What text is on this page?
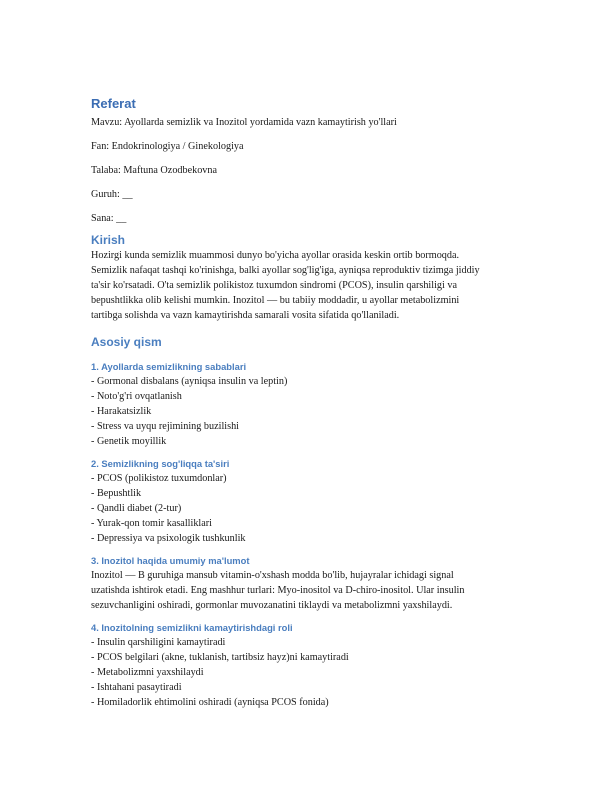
Referat

Mavzu: Ayollarda semizlik va Inozitol yordamida vazn kamaytirish yo'llari

Fan: Endokrinologiya / Ginekologiya

Talaba: Maftuna Ozodbekovna

Guruh: __

Sana: __

Kirish

Hozirgi kunda semizlik muammosi dunyo bo'yicha ayollar orasida keskin ortib bormoqda.

Semizlik nafaqat tashqi ko'rinishga, balki ayollar sog'lig'iga, ayniqsa reproduktiv tizimga jiddiy

ta'sir ko'rsatadi. O'ta semizlik polikistoz tuxumdon sindromi (PCOS), insulin qarshiligi va

bepushtlikka olib kelishi mumkin. Inozitol — bu tabiiy moddadir, u ayollar metabolizmini

tartibga solishda va vazn kamaytirishda samarali vosita sifatida qo'llaniladi.

Asosiy qism
1. Ayollarda semizlikning sabablari
- Gormonal disbalans (ayniqsa insulin va leptin)
- Noto'g'ri ovqatlanish
- Harakatsizlik
- Stress va uyqu rejimining buzilishi
- Genetik moyillik
2. Semizlikning sog'liqqa ta'siri
- PCOS (polikistoz tuxumdonlar)
- Bepushtlik
- Qandli diabet (2-tur)
- Yurak-qon tomir kasalliklari
- Depressiya va psixologik tushkunlik
3. Inozitol haqida umumiy ma'lumot

Inozitol — B guruhiga mansub vitamin-o'xshash modda bo'lib, hujayralar ichidagi signal

uzatishda ishtirok etadi. Eng mashhur turlari: Myo-inositol va D-chiro-inositol. Ular insulin

sezuvchanligini oshiradi, gormonlar muvozanatini tiklaydi va metabolizmni yaxshilaydi.

4. Inozitolning semizlikni kamaytirishdagi roli
- Insulin qarshiligini kamaytiradi
- PCOS belgilari (akne, tuklanish, tartibsiz hayz)ni kamaytiradi
- Metabolizmni yaxshilaydi
- Ishtahani pasaytiradi
- Homiladorlik ehtimolini oshiradi (ayniqsa PCOS fonida)
